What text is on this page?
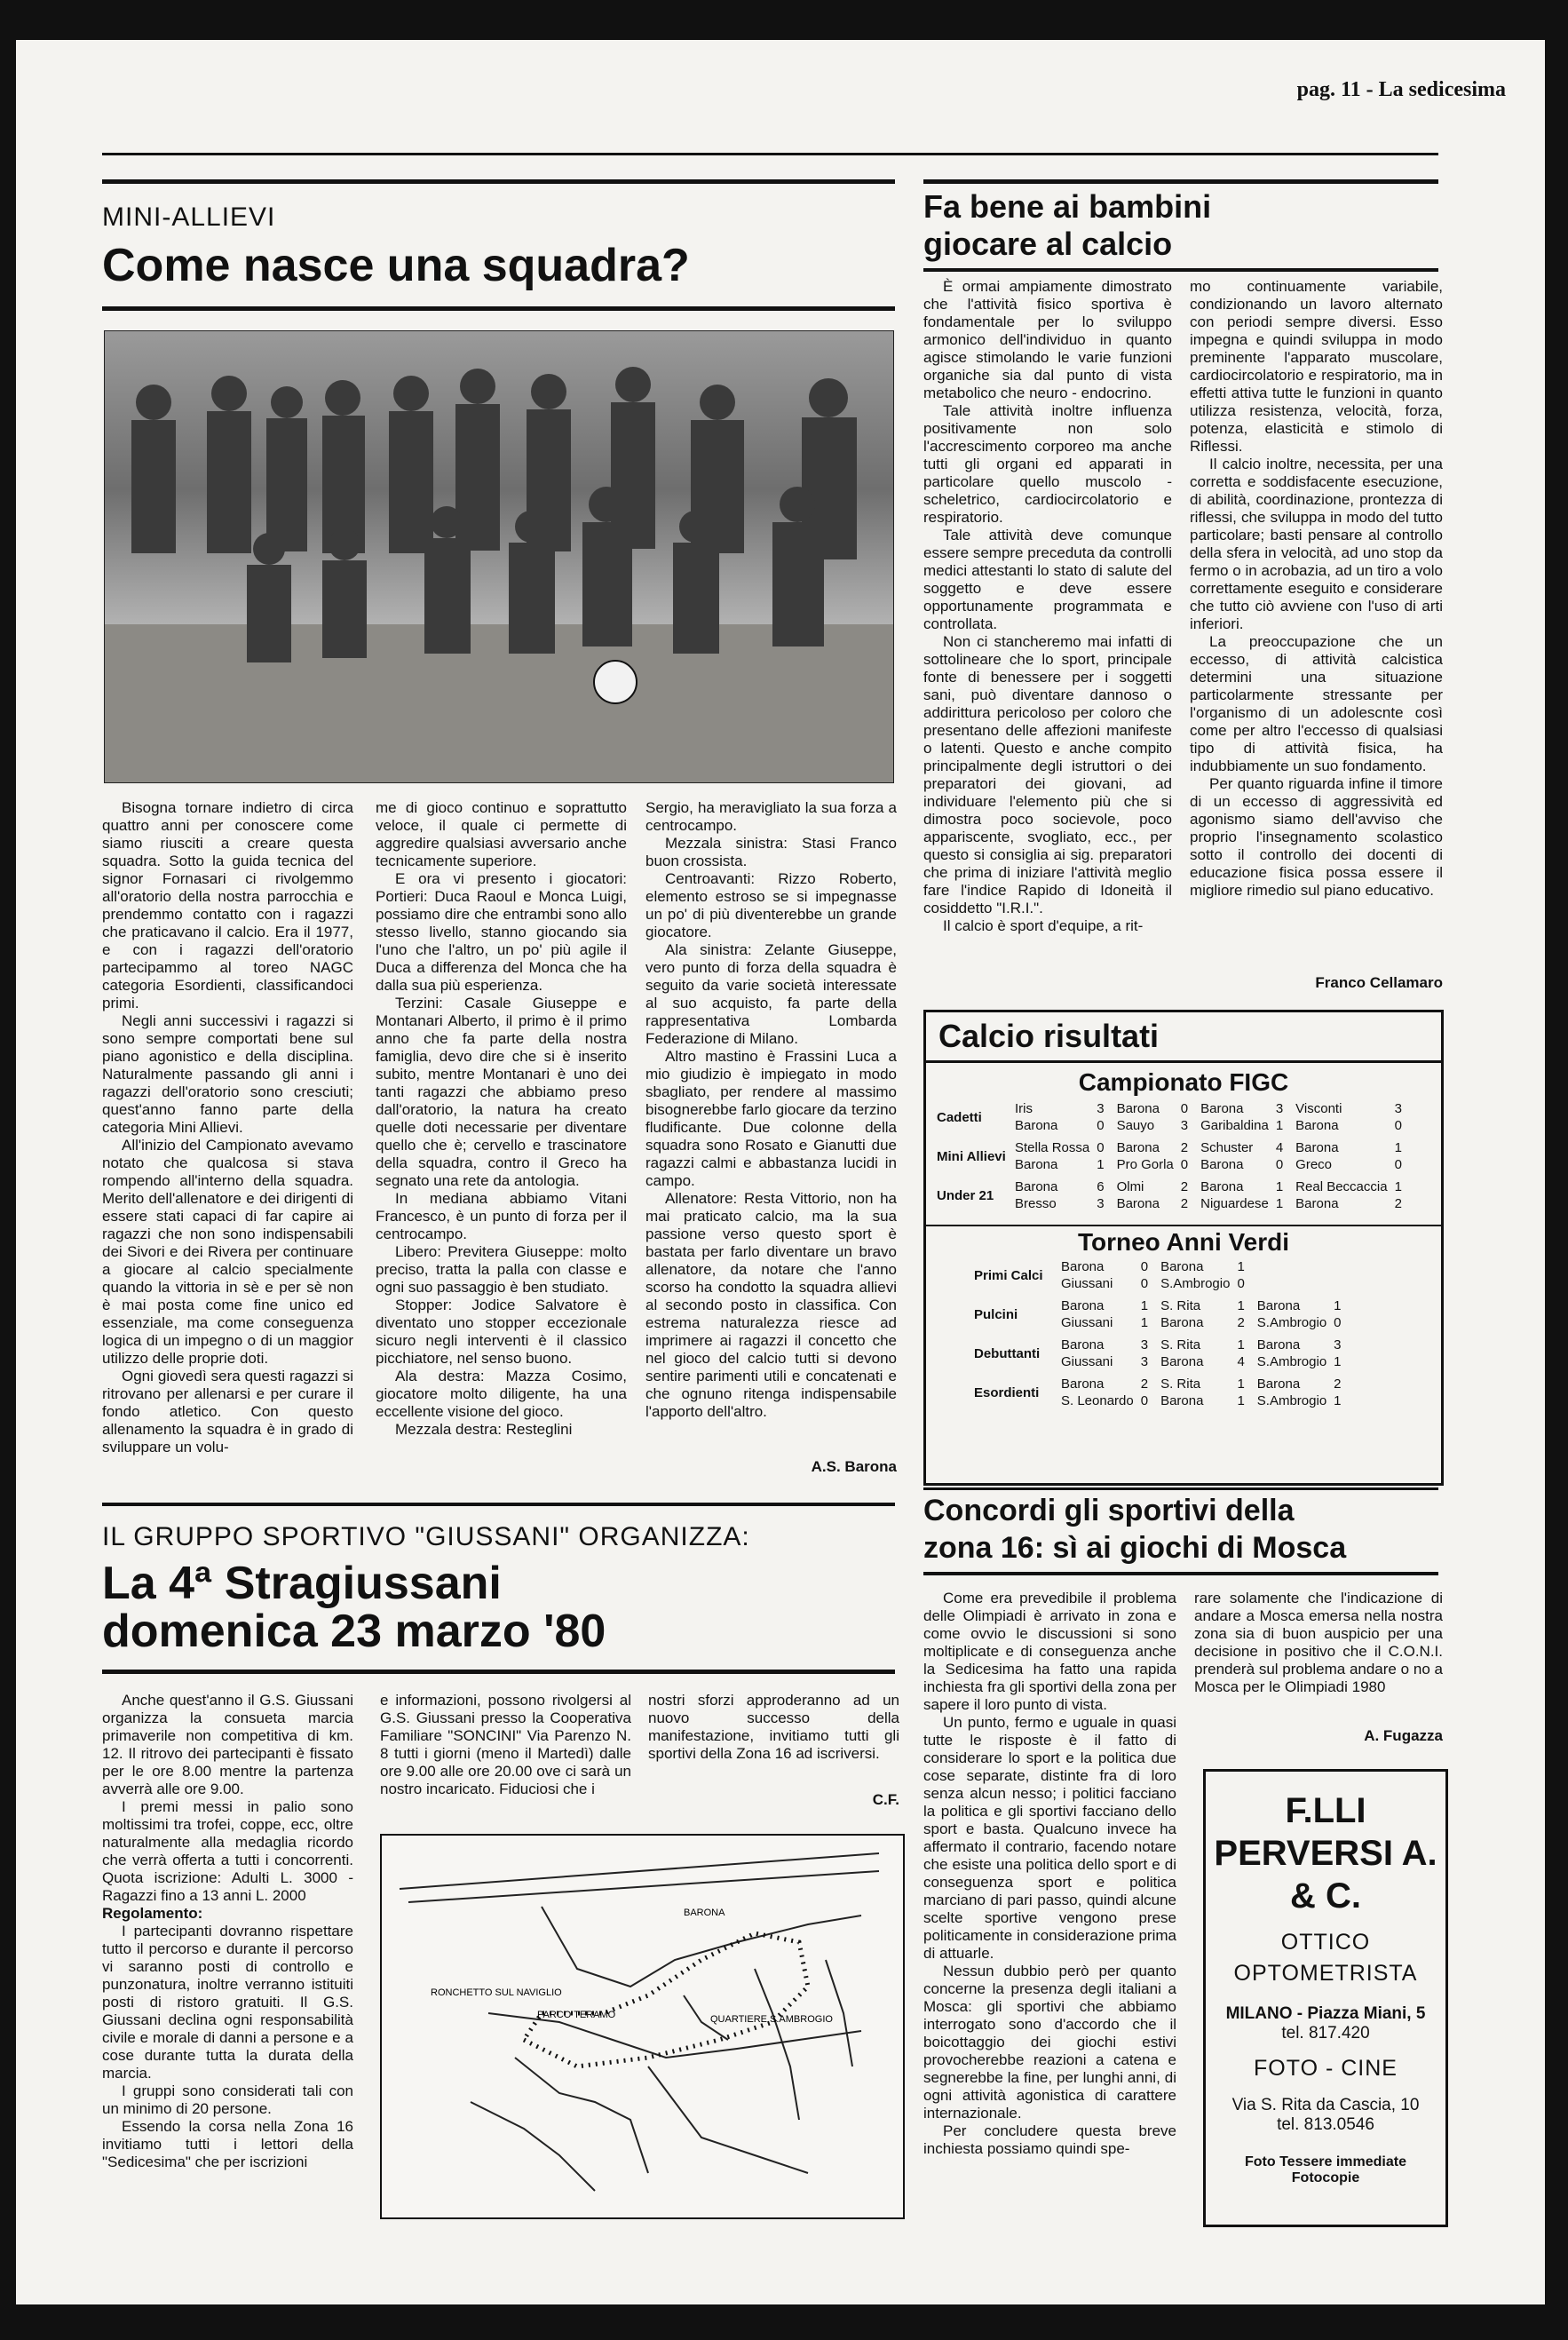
pag. 11 - La sedicesima
MINI-ALLIEVI
Come nasce una squadra?

Bisogna tornare indietro di circa quattro anni per conoscere come siamo riusciti a creare questa squadra. Sotto la guida tecnica del signor Fornasari ci rivolgemmo all'oratorio della nostra parrocchia e prendemmo contatto con i ragazzi che praticavano il calcio. Era il 1977, e con i ragazzi dell'oratorio partecipammo al toreo NAGC categoria Esordienti, classificandoci primi.

Negli anni successivi i ragazzi si sono sempre comportati bene sul piano agonistico e della disciplina. Naturalmente passando gli anni i ragazzi dell'oratorio sono cresciuti; quest'anno fanno parte della categoria Mini Allievi.

All'inizio del Campionato avevamo notato che qualcosa si stava rompendo all'interno della squadra. Merito dell'allenatore e dei dirigenti di essere stati capaci di far capire ai ragazzi che non sono indispensabili dei Sivori e dei Rivera per continuare a giocare al calcio specialmente quando la vittoria in sè e per sè non è mai posta come fine unico ed essenziale, ma come conseguenza logica di un impegno o di un maggior utilizzo delle proprie doti.

Ogni giovedì sera questi ragazzi si ritrovano per allenarsi e per curare il fondo atletico. Con questo allenamento la squadra è in grado di sviluppare un volu-

me di gioco continuo e soprattutto veloce, il quale ci permette di aggredire qualsiasi avversario anche tecnicamente superiore.

E ora vi presento i giocatori: Portieri: Duca Raoul e Monca Luigi, possiamo dire che entrambi sono allo stesso livello, stanno giocando sia l'uno che l'altro, un po' più agile il Duca a differenza del Monca che ha dalla sua più esperienza.

Terzini: Casale Giuseppe e Montanari Alberto, il primo è il primo anno che fa parte della nostra famiglia, devo dire che si è inserito subito, mentre Montanari è uno dei tanti ragazzi che abbiamo preso dall'oratorio, la natura ha creato quelle doti necessarie per diventare quello che è; cervello e trascinatore della squadra, contro il Greco ha segnato una rete da antologia.

In mediana abbiamo Vitani Francesco, è un punto di forza per il centrocampo.

Libero: Previtera Giuseppe: molto preciso, tratta la palla con classe e ogni suo passaggio è ben studiato.

Stopper: Jodice Salvatore è diventato uno stopper eccezionale sicuro negli interventi è il classico picchiatore, nel senso buono.

Ala destra: Mazza Cosimo, giocatore molto diligente, ha una eccellente visione del gioco.

Mezzala destra: Resteglini

Sergio, ha meravigliato la sua forza a centrocampo.

Mezzala sinistra: Stasi Franco buon crossista.

Centroavanti: Rizzo Roberto, elemento estroso se si impegnasse un po' di più diventerebbe un grande giocatore.

Ala sinistra: Zelante Giuseppe, vero punto di forza della squadra è seguito da varie società interessate al suo acquisto, fa parte della rappresentativa Lombarda Federazione di Milano.

Altro mastino è Frassini Luca a mio giudizio è impiegato in modo sbagliato, per rendere al massimo bisognerebbe farlo giocare da terzino fludificante. Due colonne della squadra sono Rosato e Gianutti due ragazzi calmi e abbastanza lucidi in campo.

Allenatore: Resta Vittorio, non ha mai praticato calcio, ma la sua passione verso questo sport è bastata per farlo diventare un bravo allenatore, da notare che l'anno scorso ha condotto la squadra allievi al secondo posto in classifica. Con estrema naturalezza riesce ad imprimere ai ragazzi il concetto che nel gioco del calcio tutti si devono sentire parimenti utili e concatenati e che ognuno ritenga indispensabile l'apporto dell'altro.

A.S. Barona
Fa bene ai bambini
giocare al calcio

È ormai ampiamente dimostrato che l'attività fisico sportiva è fondamentale per lo sviluppo armonico dell'individuo in quanto agisce stimolando le varie funzioni organiche sia dal punto di vista metabolico che neuro - endocrino.

Tale attività inoltre influenza positivamente non solo l'accrescimento corporeo ma anche tutti gli organi ed apparati in particolare quello muscolo - scheletrico, cardiocircolatorio e respiratorio.

Tale attività deve comunque essere sempre preceduta da controlli medici attestanti lo stato di salute del soggetto e deve essere opportunamente programmata e controllata.

Non ci stancheremo mai infatti di sottolineare che lo sport, principale fonte di benessere per i soggetti sani, può diventare dannoso o addirittura pericoloso per coloro che presentano delle affezioni manifeste o latenti. Questo e anche compito principalmente degli istruttori o dei preparatori dei giovani, ad individuare l'elemento più che si dimostra poco socievole, poco appariscente, svogliato, ecc., per questo si consiglia ai sig. preparatori che prima di iniziare l'attività meglio fare l'indice Rapido di Idoneità il cosiddetto "I.R.I.".

Il calcio è sport d'equipe, a rit-

mo continuamente variabile, condizionando un lavoro alternato con periodi sempre diversi. Esso impegna e quindi sviluppa in modo preminente l'apparato muscolare, cardiocircolatorio e respiratorio, ma in effetti attiva tutte le funzioni in quanto utilizza resistenza, velocità, forza, potenza, elasticità e stimolo di Riflessi.

Il calcio inoltre, necessita, per una corretta e soddisfacente esecuzione, di abilità, coordinazione, prontezza di riflessi, che sviluppa in modo del tutto particolare; basti pensare al controllo della sfera in velocità, ad uno stop da fermo o in acrobazia, ad un tiro a volo correttamente eseguito e considerare che tutto ciò avviene con l'uso di arti inferiori.

La preoccupazione che un eccesso, di attività calcistica determini una situazione particolarmente stressante per l'organismo di un adolescnte così come per altro l'eccesso di qualsiasi tipo di attività fisica, ha indubbiamente un suo fondamento.

Per quanto riguarda infine il timore di un eccesso di aggressività ed agonismo siamo dell'avviso che proprio l'insegnamento scolastico sotto il controllo dei docenti di educazione fisica possa essere il migliore rimedio sul piano educativo.

Franco Cellamaro
Calcio risultati
Campionato FIGC
Cadetti	Iris	3	Barona	0	Barona	3	Visconti	3
	Barona	0	Sauyo	3	Garibaldina	1	Barona	0
Mini Allievi	Stella Rossa	0	Barona	2	Schuster	4	Barona	1
	Barona	1	Pro Gorla	0	Barona	0	Greco	0
Under 21	Barona	6	Olmi	2	Barona	1	Real Beccaccia	1
	Bresso	3	Barona	2	Niguardese	1	Barona	2
Torneo Anni Verdi
Primi Calci	Barona	0	Barona	1		
	Giussani	0	S.Ambrogio	0		
Pulcini	Barona	1	S. Rita	1	Barona	1
	Giussani	1	Barona	2	S.Ambrogio	0
Debuttanti	Barona	3	S. Rita	1	Barona	3
	Giussani	3	Barona	4	S.Ambrogio	1
Esordienti	Barona	2	S. Rita	1	Barona	2
	S. Leonardo	0	Barona	1	S.Ambrogio	1
IL GRUPPO SPORTIVO "GIUSSANI" ORGANIZZA:
La 4ª Stragiussani
domenica 23 marzo '80

Anche quest'anno il G.S. Giussani organizza la consueta marcia primaverile non competitiva di km. 12. Il ritrovo dei partecipanti è fissato per le ore 8.00 mentre la partenza avverrà alle ore 9.00.

I premi messi in palio sono moltissimi tra trofei, coppe, ecc, oltre naturalmente alla medaglia ricordo che verrà offerta a tutti i concorrenti. Quota iscrizione: Adulti L. 3000 - Ragazzi fino a 13 anni L. 2000

Regolamento:

I partecipanti dovranno rispettare tutto il percorso e durante il percorso vi saranno posti di controllo e punzonatura, inoltre verranno istituiti posti di ristoro gratuiti. Il G.S. Giussani declina ogni responsabilità civile e morale di danni a persone e a cose durante tutta la durata della marcia.

I gruppi sono considerati tali con un minimo di 20 persone.

Essendo la corsa nella Zona 16 invitiamo tutti i lettori della "Sedicesima" che per iscrizioni

e informazioni, possono rivolgersi al G.S. Giussani presso la Cooperativa Familiare "SONCINI" Via Parenzo N. 8 tutti i giorni (meno il Martedì) dalle ore 9.00 alle ore 20.00 ove ci sarà un nostro incaricato. Fiduciosi che i

nostri sforzi approderanno ad un nuovo successo della manifestazione, invitiamo tutti gli sportivi della Zona 16 ad iscriversi.

C.F.
RONCHETTO SUL NAVIGLIO
PARCO TERAMO	QUARTIERE S.AMBROGIO
BARONA
Concordi gli sportivi della
zona 16: sì ai giochi di Mosca

Come era prevedibile il problema delle Olimpiadi è arrivato in zona e come ovvio le discussioni si sono moltiplicate e di conseguenza anche la Sedicesima ha fatto una rapida inchiesta fra gli sportivi della zona per sapere il loro punto di vista.

Un punto, fermo e uguale in quasi tutte le risposte è il fatto di considerare lo sport e la politica due cose separate, distinte fra di loro senza alcun nesso; i politici facciano la politica e gli sportivi facciano dello sport e basta. Qualcuno invece ha affermato il contrario, facendo notare che esiste una politica dello sport e di conseguenza sport e politica marciano di pari passo, quindi alcune scelte sportive vengono prese politicamente in considerazione prima di attuarle.

Nessun dubbio però per quanto concerne la presenza degli italiani a Mosca: gli sportivi che abbiamo interrogato sono d'accordo che il boicottaggio dei giochi estivi provocherebbe reazioni a catena e segnerebbe la fine, per lunghi anni, di ogni attività agonistica di carattere internazionale.

Per concludere questa breve inchiesta possiamo quindi spe-

rare solamente che l'indicazione di andare a Mosca emersa nella nostra zona sia di buon auspicio per una decisione in positivo che il C.O.N.I. prenderà sul problema andare o no a Mosca per le Olimpiadi 1980

A. Fugazza
F.LLI
PERVERSI A.
& C.
OTTICO
OPTOMETRISTA
MILANO - Piazza Miani, 5
tel. 817.420
FOTO - CINE
Via S. Rita da Cascia, 10
tel. 813.0546
Foto Tessere immediate
Fotocopie
